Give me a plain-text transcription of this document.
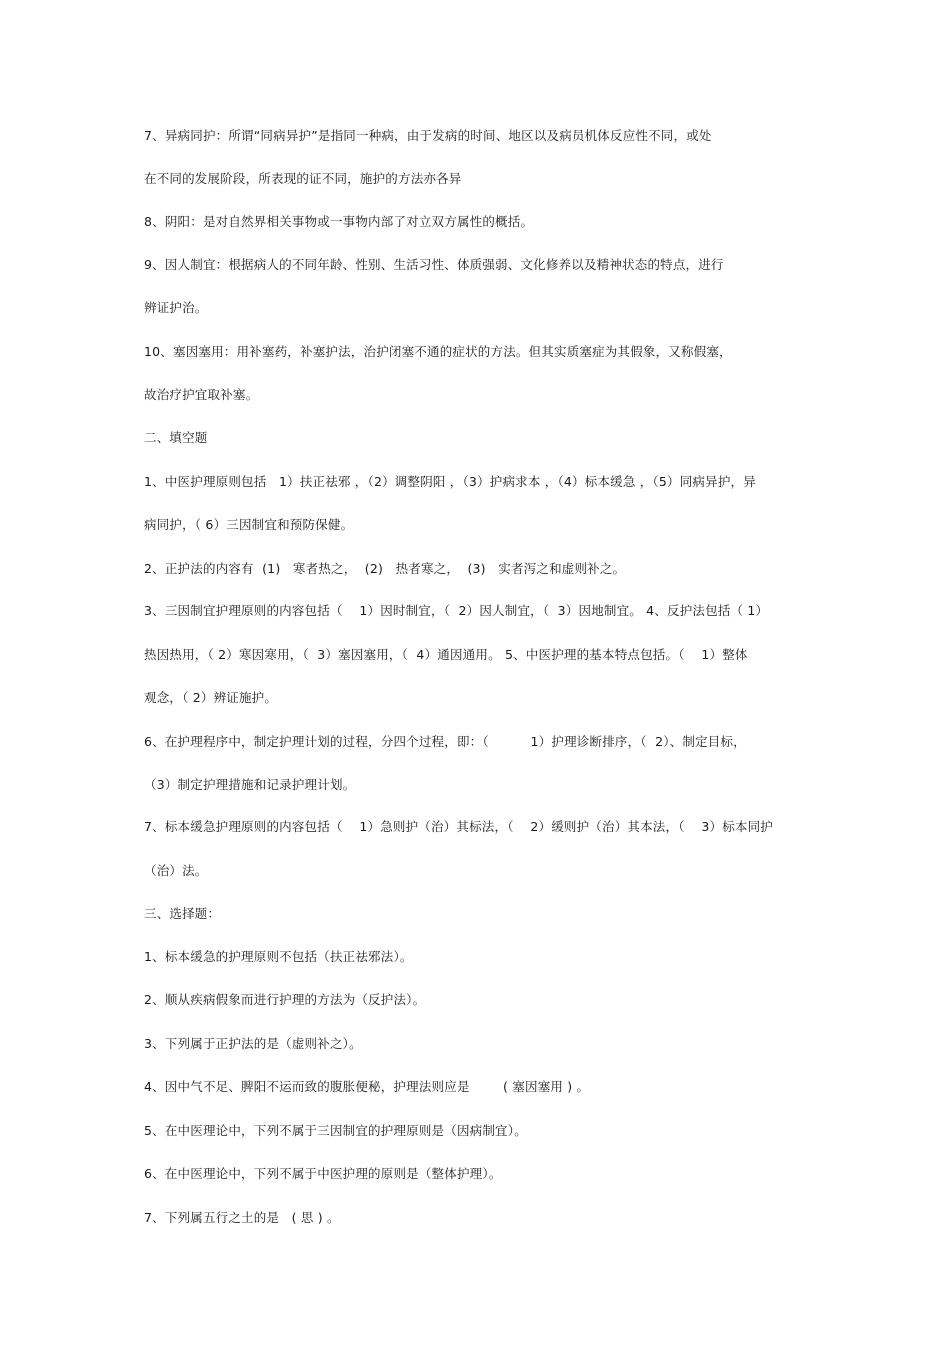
7、异病同护：所谓“同病异护”是指同一种病，由于发病的时间、地区以及病员机体反应性不同，或处
在不同的发展阶段，所表现的证不同，施护的方法亦各异
8、阴阳：是对自然界相关事物或一事物内部了对立双方属性的概括。
9、因人制宜：根据病人的不同年龄、性别、生活习性、体质强弱、文化修养以及精神状态的特点，进行
辨证护治。
10、塞因塞用：用补塞药，补塞护法，治护闭塞不通的症状的方法。但其实质塞症为其假象，又称假塞，
故治疗护宜取补塞。
二、填空题
1、中医护理原则包括   1）扶正祛邪 ，（2）调整阴阳 ，（3）护病求本 ，（4）标本缓急 ，（5）同病异护，异
病同护，（ 6）三因制宜和预防保健。
2、正护法的内容有  (1)   寒者热之，  (2)   热者寒之，  (3)   实者泻之和虚则补之。
3、三因制宜护理原则的内容包括（    1）因时制宜，（  2）因人制宜，（  3）因地制宜。 4、反护法包括（ 1）
热因热用，（ 2）寒因寒用，（  3）塞因塞用，（  4）通因通用。 5、中医护理的基本特点包括。（    1）整体
观念，（ 2）辨证施护。
6、在护理程序中，制定护理计划的过程，分四个过程，即：（          1）护理诊断排序，（  2）、制定目标，
（3）制定护理措施和记录护理计划。
7、标本缓急护理原则的内容包括（    1）急则护（治）其标法，（    2）缓则护（治）其本法，（    3）标本同护
（治）法。
三、选择题：
1、标本缓急的护理原则不包括（扶正祛邪法）。
2、顺从疾病假象而进行护理的方法为（反护法）。
3、下列属于正护法的是（虚则补之）。
4、因中气不足、脾阳不运而致的腹胀便秘，护理法则应是        ( 塞因塞用 ) 。
5、在中医理论中，下列不属于三因制宜的护理原则是（因病制宜）。
6、在中医理论中，下列不属于中医护理的原则是（整体护理）。
7、下列属五行之土的是   ( 思 ) 。
